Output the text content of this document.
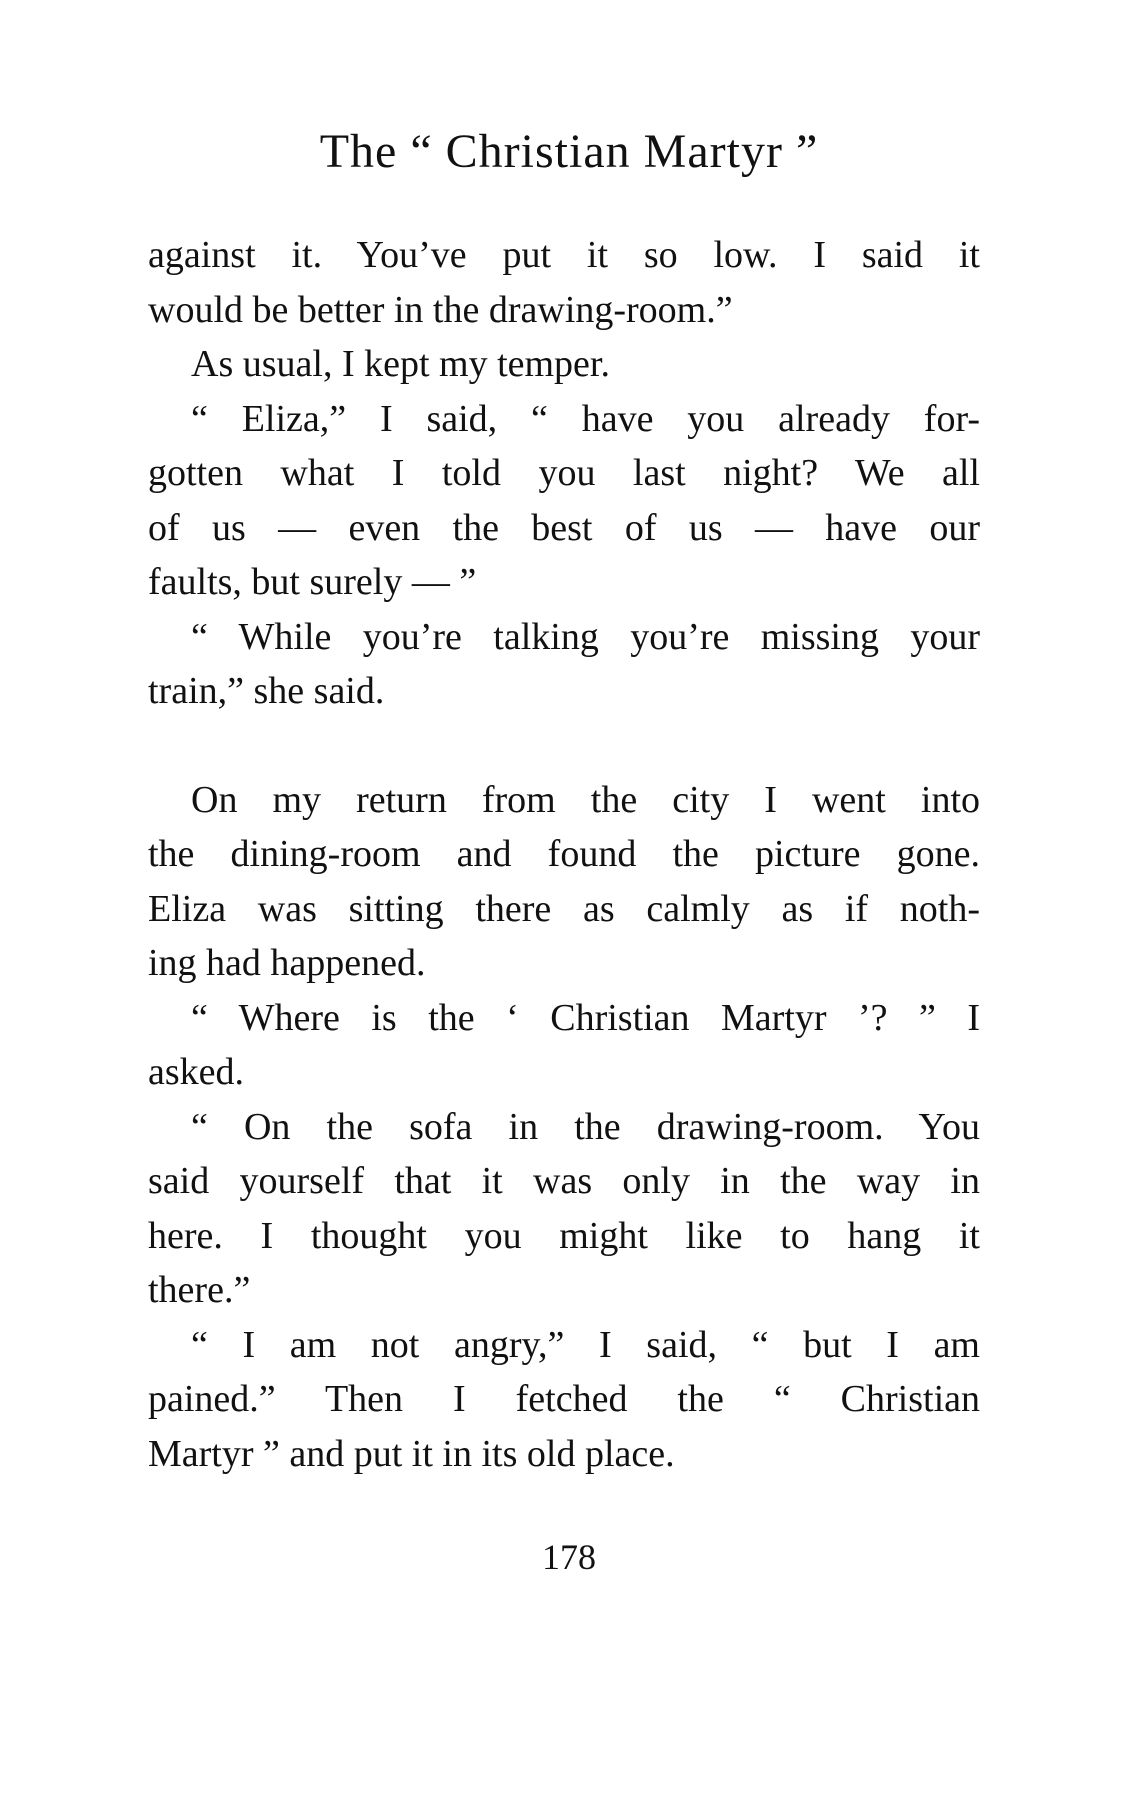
The “ Christian Martyr ”

against it. You’ve put it so low. I said it
would be better in the drawing-room.”

As usual, I kept my temper.

“ Eliza,” I said, “ have you already for-
gotten what I told you last night? We all
of us — even the best of us — have our
faults, but surely — ”

“ While you’re talking you’re missing your
train,” she said.

On my return from the city I went into
the dining-room and found the picture gone.
Eliza was sitting there as calmly as if noth-
ing had happened.

“ Where is the ‘ Christian Martyr ’? ” I
asked.

“ On the sofa in the drawing-room. You
said yourself that it was only in the way in
here. I thought you might like to hang it
there.”

“ I am not angry,” I said, “ but I am
pained.” Then I fetched the “ Christian
Martyr ” and put it in its old place.

178
